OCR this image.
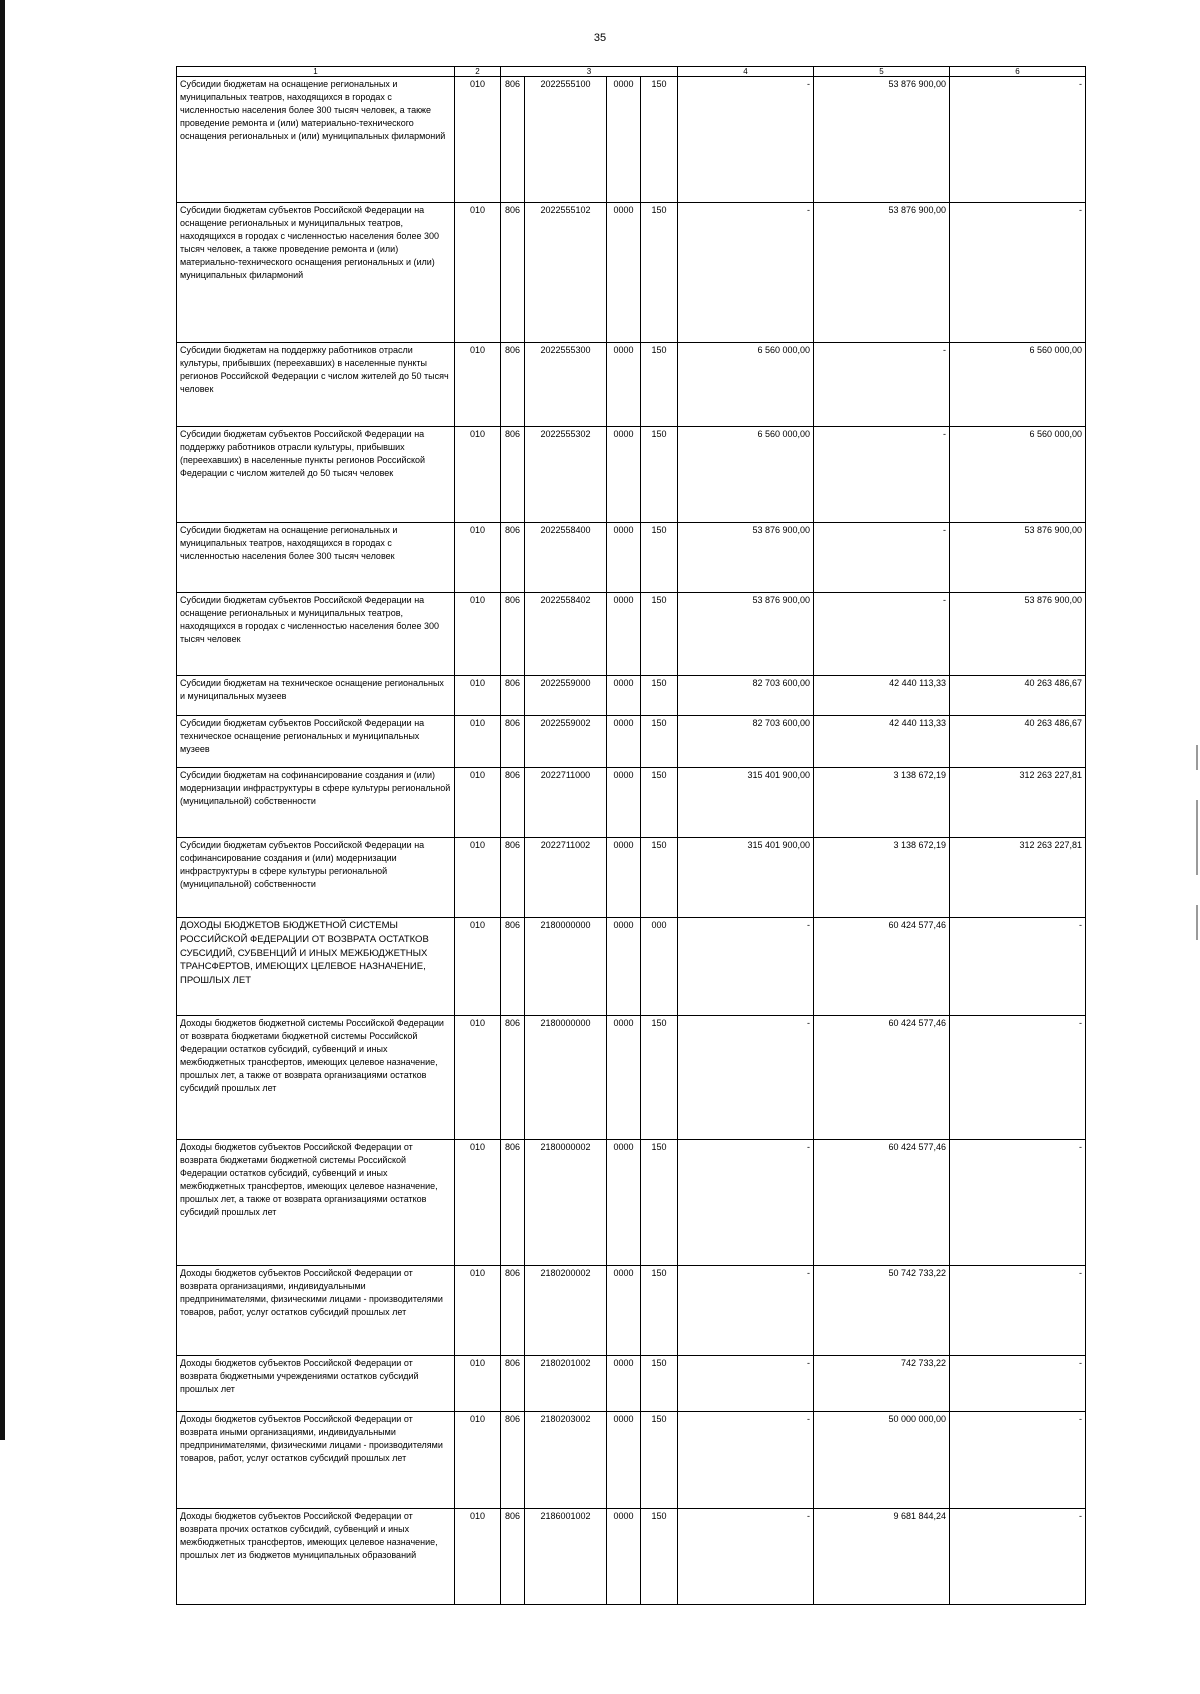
35
1	2	3				4	5	6
Субсидии бюджетам на оснащение региональных и муниципальных театров, находящихся в городах с численностью населения более 300 тысяч человек, а также проведение ремонта и (или) материально-технического оснащения региональных и (или) муниципальных филармоний	010	806	2022555100	0000	150	-	53 876 900,00	-
Субсидии бюджетам субъектов Российской Федерации на оснащение региональных и муниципальных театров, находящихся в городах с численностью населения более 300 тысяч человек, а также проведение ремонта и (или) материально-технического оснащения региональных и (или) муниципальных филармоний	010	806	2022555102	0000	150	-	53 876 900,00	-
Субсидии бюджетам на поддержку работников отрасли культуры, прибывших (переехавших) в населенные пункты регионов Российской Федерации с числом жителей до 50 тысяч человек	010	806	2022555300	0000	150	6 560 000,00	-	6 560 000,00
Субсидии бюджетам субъектов Российской Федерации на поддержку работников отрасли культуры, прибывших (переехавших) в населенные пункты регионов Российской Федерации с числом жителей до 50 тысяч человек	010	806	2022555302	0000	150	6 560 000,00	-	6 560 000,00
Субсидии бюджетам на оснащение региональных и муниципальных театров, находящихся в городах с численностью населения более 300 тысяч человек	010	806	2022558400	0000	150	53 876 900,00	-	53 876 900,00
Субсидии бюджетам субъектов Российской Федерации на оснащение региональных и муниципальных театров, находящихся в городах с численностью населения более 300 тысяч человек	010	806	2022558402	0000	150	53 876 900,00	-	53 876 900,00
Субсидии бюджетам на техническое оснащение региональных и муниципальных музеев	010	806	2022559000	0000	150	82 703 600,00	42 440 113,33	40 263 486,67
Субсидии бюджетам субъектов Российской Федерации на техническое оснащение региональных и муниципальных музеев	010	806	2022559002	0000	150	82 703 600,00	42 440 113,33	40 263 486,67
Субсидии бюджетам на софинансирование создания и (или) модернизации инфраструктуры в сфере культуры региональной (муниципальной) собственности	010	806	2022711000	0000	150	315 401 900,00	3 138 672,19	312 263 227,81
Субсидии бюджетам субъектов Российской Федерации на софинансирование создания и (или) модернизации инфраструктуры в сфере культуры региональной (муниципальной) собственности	010	806	2022711002	0000	150	315 401 900,00	3 138 672,19	312 263 227,81
ДОХОДЫ БЮДЖЕТОВ БЮДЖЕТНОЙ СИСТЕМЫ РОССИЙСКОЙ ФЕДЕРАЦИИ ОТ ВОЗВРАТА ОСТАТКОВ СУБСИДИЙ, СУБВЕНЦИЙ И ИНЫХ МЕЖБЮДЖЕТНЫХ ТРАНСФЕРТОВ, ИМЕЮЩИХ ЦЕЛЕВОЕ НАЗНАЧЕНИЕ, ПРОШЛЫХ ЛЕТ	010	806	2180000000	0000	000	-	60 424 577,46	-
Доходы бюджетов бюджетной системы Российской Федерации от возврата бюджетами бюджетной системы Российской Федерации остатков субсидий, субвенций и иных межбюджетных трансфертов, имеющих целевое назначение, прошлых лет, а также от возврата организациями остатков субсидий прошлых лет	010	806	2180000000	0000	150	-	60 424 577,46	-
Доходы бюджетов субъектов Российской Федерации от возврата бюджетами бюджетной системы Российской Федерации остатков субсидий, субвенций и иных межбюджетных трансфертов, имеющих целевое назначение, прошлых лет, а также от возврата организациями остатков субсидий прошлых лет	010	806	2180000002	0000	150	-	60 424 577,46	-
Доходы бюджетов субъектов Российской Федерации от возврата организациями, индивидуальными предпринимателями, физическими лицами - производителями товаров, работ, услуг остатков субсидий прошлых лет	010	806	2180200002	0000	150	-	50 742 733,22	-
Доходы бюджетов субъектов Российской Федерации от возврата бюджетными учреждениями остатков субсидий прошлых лет	010	806	2180201002	0000	150	-	742 733,22	-
Доходы бюджетов субъектов Российской Федерации от возврата иными организациями, индивидуальными предпринимателями, физическими лицами - производителями товаров, работ, услуг остатков субсидий прошлых лет	010	806	2180203002	0000	150	-	50 000 000,00	-
Доходы бюджетов субъектов Российской Федерации от возврата прочих остатков субсидий, субвенций и иных межбюджетных трансфертов, имеющих целевое назначение, прошлых лет из бюджетов муниципальных образований	010	806	2186001002	0000	150	-	9 681 844,24	-
